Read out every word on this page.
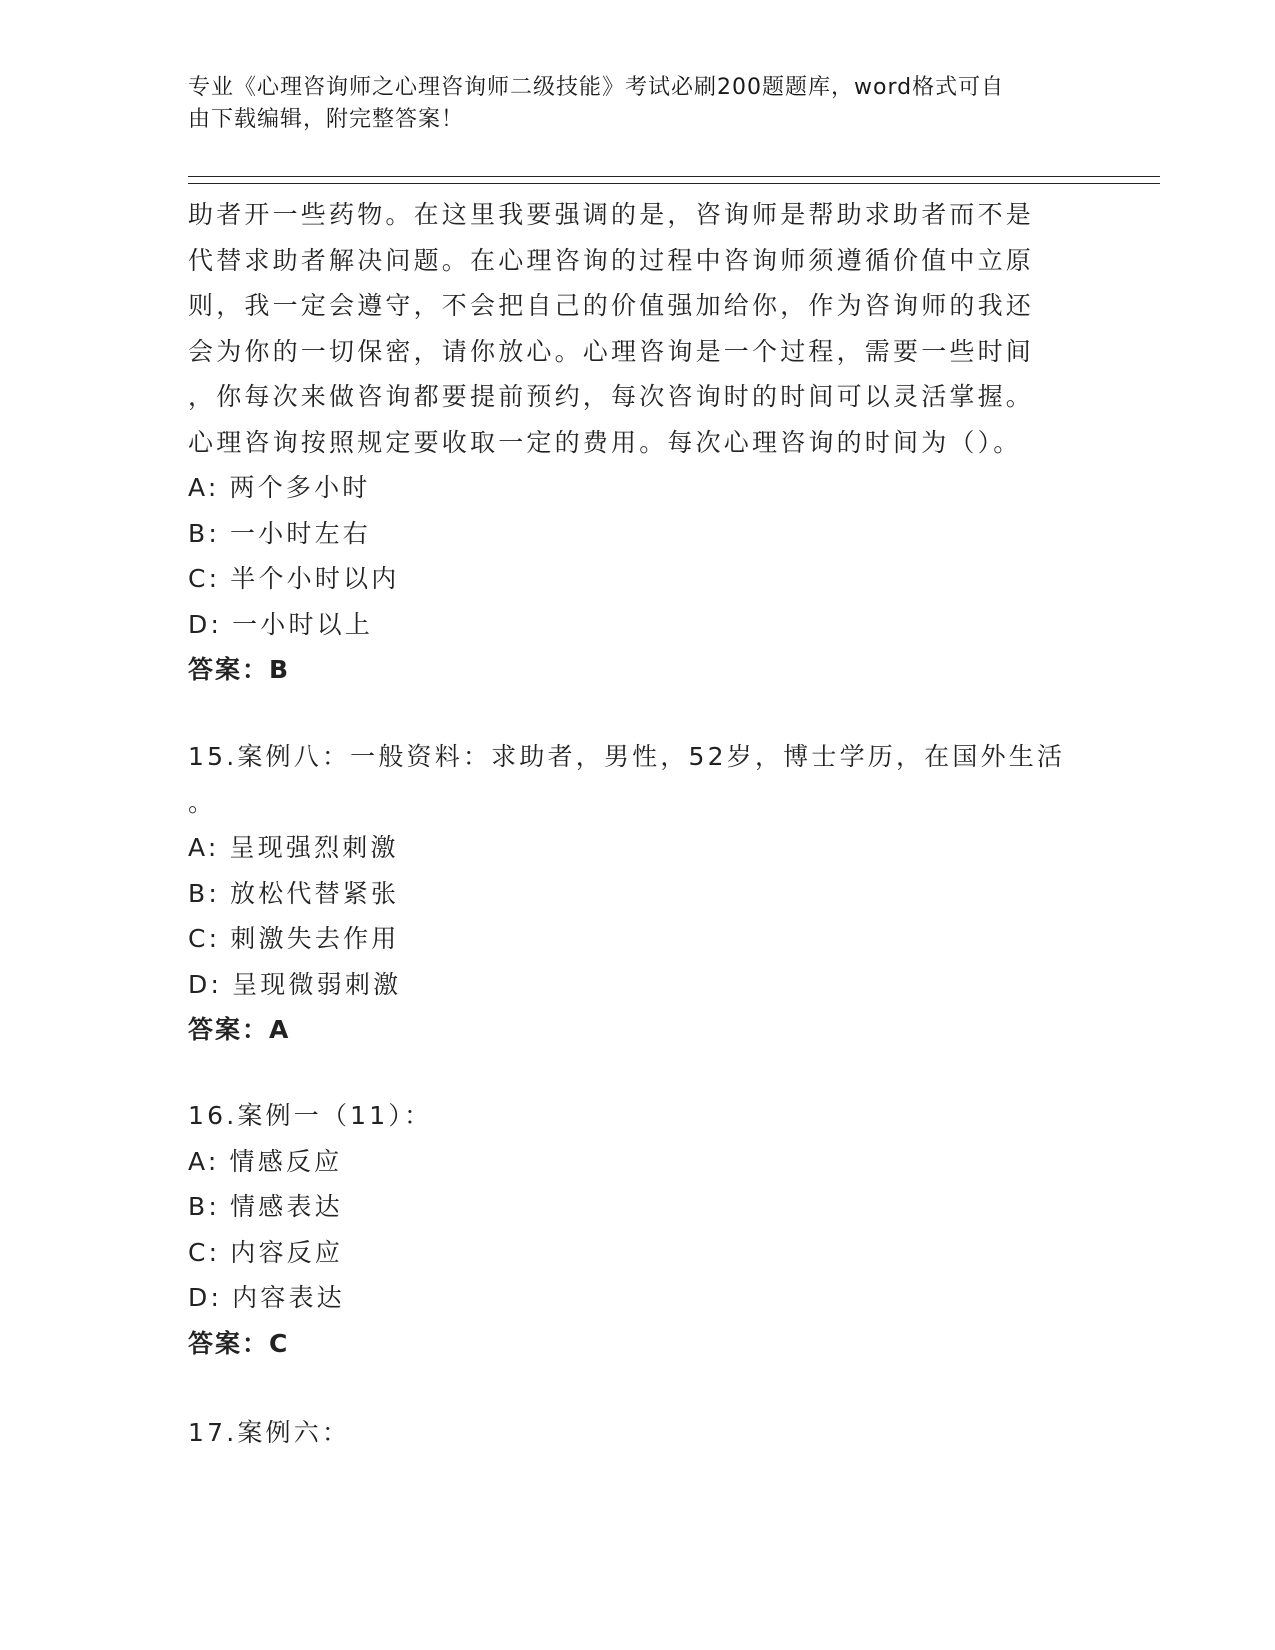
专业《心理咨询师之心理咨询师二级技能》考试必刷200题题库，word格式可自
由下载编辑，附完整答案！
助者开一些药物。在这里我要强调的是，咨询师是帮助求助者而不是
代替求助者解决问题。在心理咨询的过程中咨询师须遵循价值中立原
则，我一定会遵守，不会把自己的价值强加给你，作为咨询师的我还
会为你的一切保密，请你放心。心理咨询是一个过程，需要一些时间
，你每次来做咨询都要提前预约，每次咨询时的时间可以灵活掌握。
心理咨询按照规定要收取一定的费用。每次心理咨询的时间为（）。
A: 两个多小时
B: 一小时左右
C: 半个小时以内
D: 一小时以上
答案：B
15.案例八：一般资料：求助者，男性，52岁，博士学历，在国外生活
。
A: 呈现强烈刺激
B: 放松代替紧张
C: 刺激失去作用
D: 呈现微弱刺激
答案：A
16.案例一（11）：
A: 情感反应
B: 情感表达
C: 内容反应
D: 内容表达
答案：C
17.案例六：
